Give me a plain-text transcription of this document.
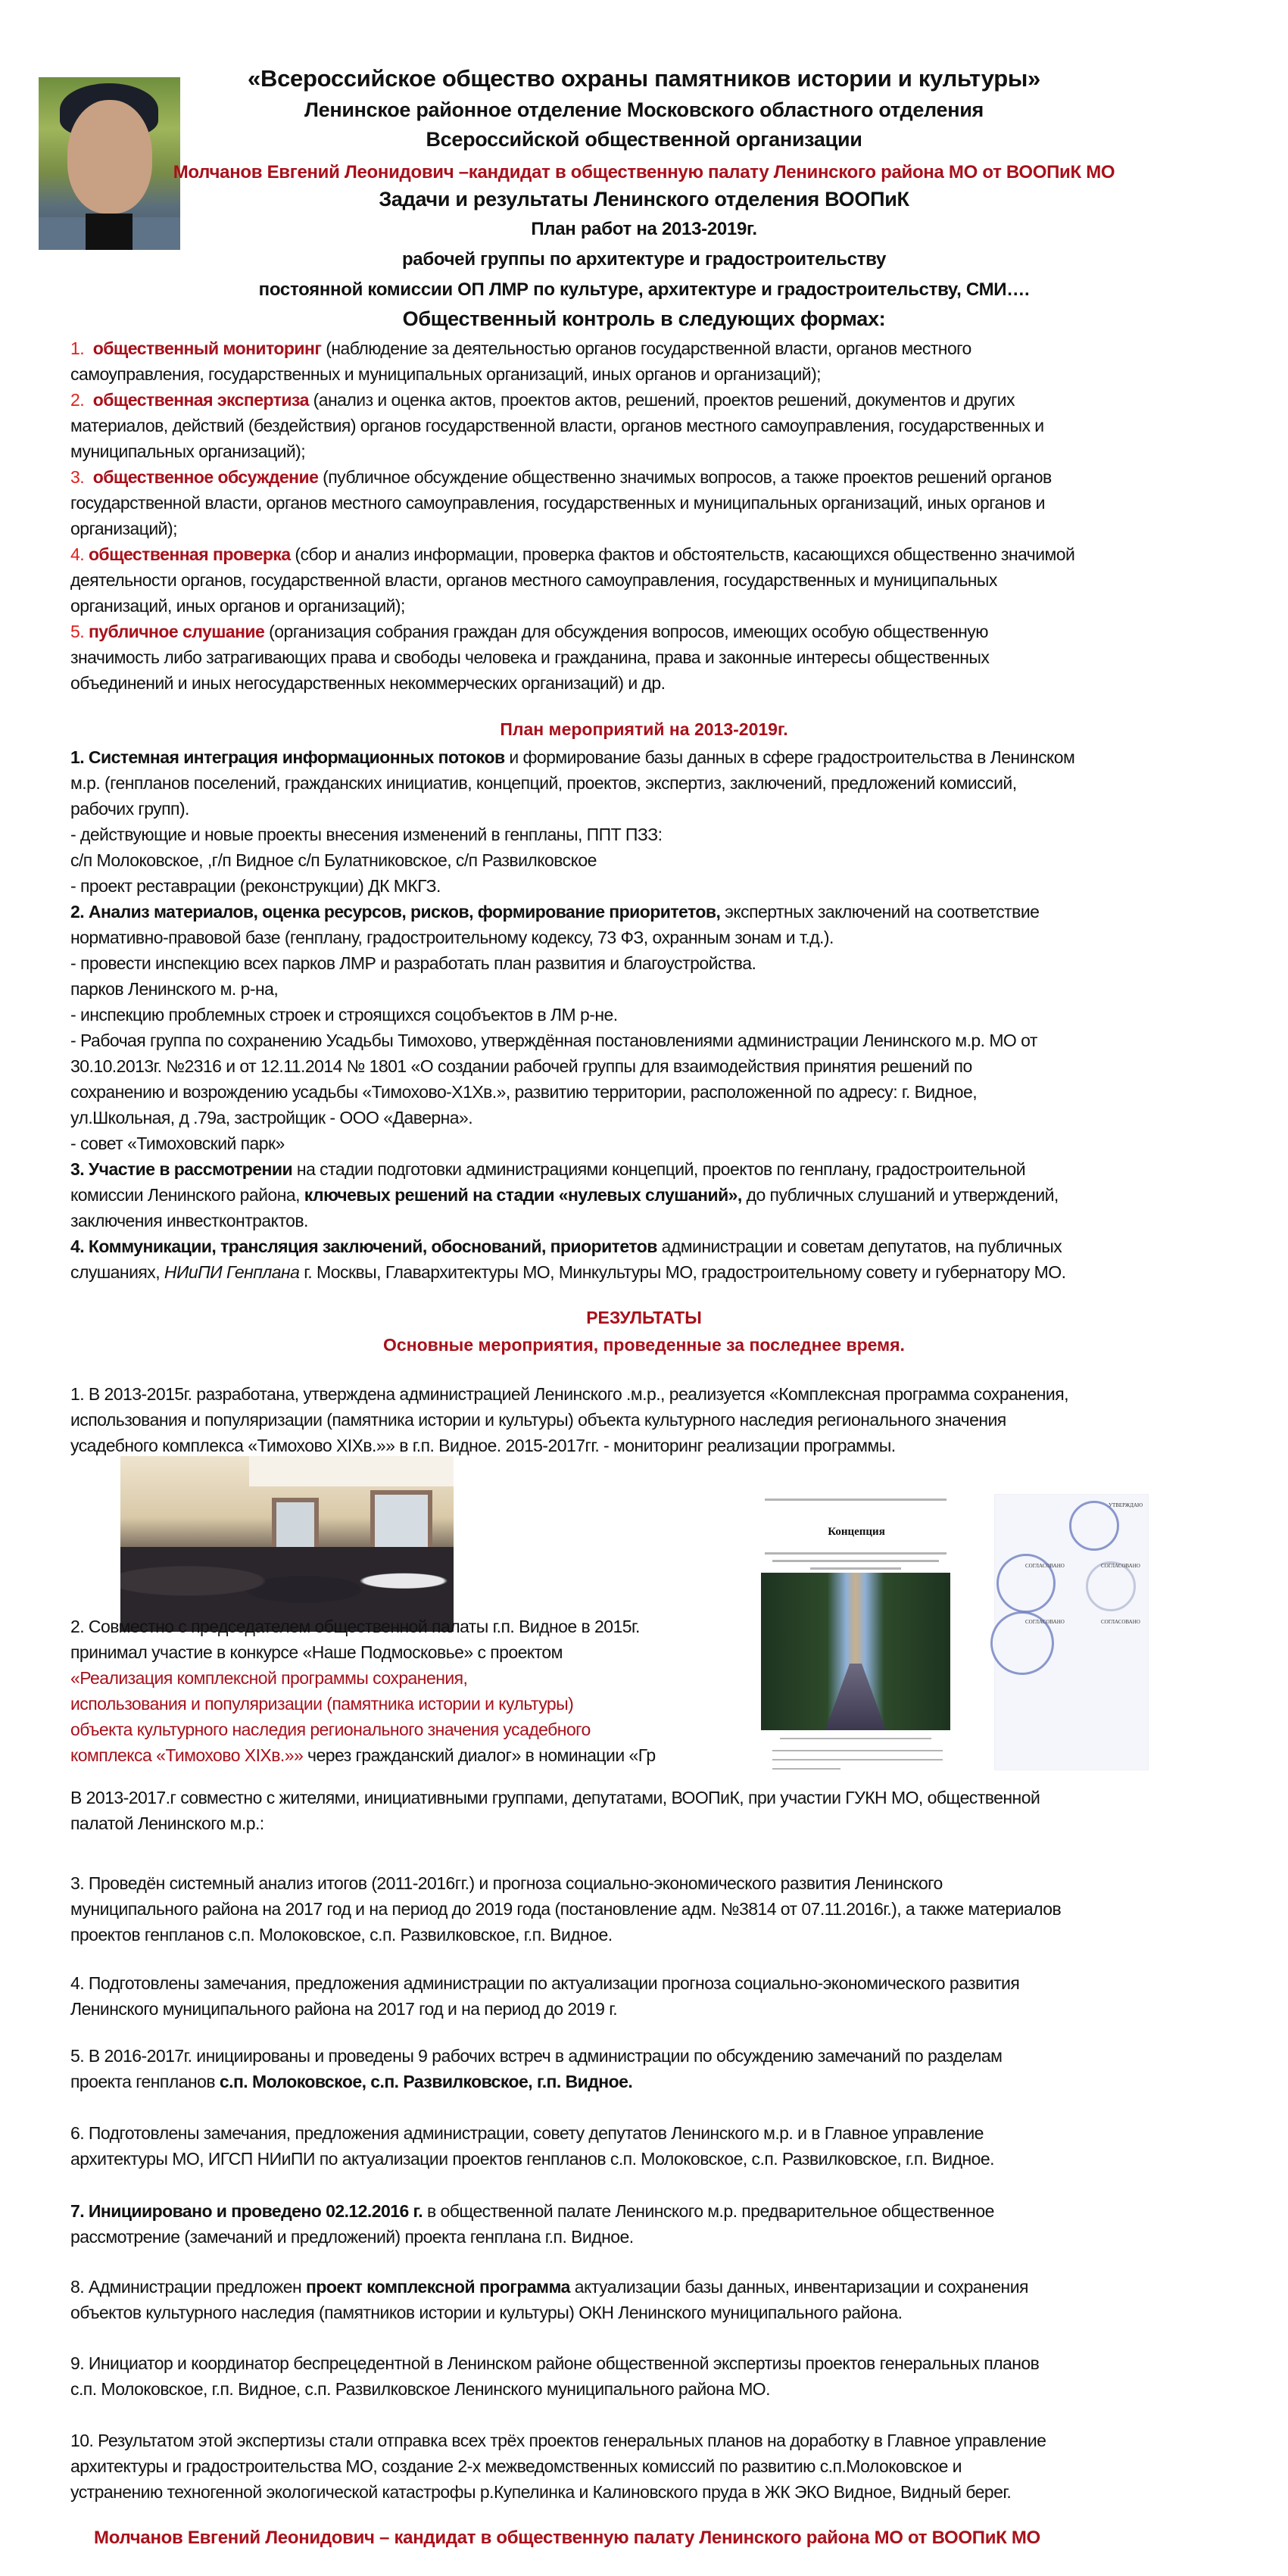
«Всероссийское общество охраны памятников истории и культуры»
Ленинское районное отделение Московского областного отделения
Всероссийской общественной организации
Молчанов Евгений Леонидович –кандидат в общественную палату Ленинского района МО от ВООПиК МО
Задачи и результаты Ленинского отделения ВООПиК
План работ на 2013-2019г.
рабочей группы по архитектуре и градостроительству
постоянной комиссии ОП ЛМР по культуре, архитектуре и градостроительству, СМИ….
Общественный контроль в следующих формах:
1. общественный мониторинг (наблюдение за деятельностью органов государственной власти, органов местного
самоуправления, государственных и муниципальных организаций, иных органов и организаций);
2. общественная экспертиза (анализ и оценка актов, проектов актов, решений, проектов решений, документов и других
материалов, действий (бездействия) органов государственной власти, органов местного самоуправления, государственных и
муниципальных организаций);
3. общественное обсуждение (публичное обсуждение общественно значимых вопросов, а также проектов решений органов
государственной власти, органов местного самоуправления, государственных и муниципальных организаций, иных органов и
организаций);
4. общественная проверка (сбор и анализ информации, проверка фактов и обстоятельств, касающихся общественно значимой
деятельности органов, государственной власти, органов местного самоуправления, государственных и муниципальных
организаций, иных органов и организаций);
5. публичное слушание (организация собрания граждан для обсуждения вопросов, имеющих особую общественную
значимость либо затрагивающих права и свободы человека и гражданина, права и законные интересы общественных
объединений и иных негосударственных некоммерческих организаций) и др.
План мероприятий на 2013-2019г.
1. Системная интеграция информационных потоков и формирование базы данных в сфере градостроительства в Ленинском
м.р. (генпланов поселений, гражданских инициатив, концепций, проектов, экспертиз, заключений, предложений комиссий,
рабочих групп).
- действующие и новые проекты внесения изменений в генпланы, ППТ ПЗЗ:
с/п Молоковское, ,г/п Видное с/п Булатниковское, с/п Развилковское
- проект реставрации (реконструкции) ДК МКГЗ.
2. Анализ материалов, оценка ресурсов, рисков, формирование приоритетов, экспертных заключений на соответствие
нормативно-правовой базе (генплану, градостроительному кодексу, 73 ФЗ, охранным зонам и т.д.).
- провести инспекцию всех парков ЛМР и разработать план развития и благоустройства.
парков Ленинского м. р-на,
- инспекцию проблемных строек и строящихся соцобъектов в ЛМ р-не.
- Рабочая группа по сохранению Усадьбы Тимохово, утверждённая постановлениями администрации Ленинского м.р. МО от
30.10.2013г. №2316 и от 12.11.2014 № 1801 «О создании рабочей группы для взаимодействия принятия решений по
сохранению и возрождению усадьбы «Тимохово-Х1Хв.», развитию территории, расположенной по адресу: г. Видное,
ул.Школьная, д .79а, застройщик - ООО «Даверна».
- совет «Тимоховский парк»
3. Участие в рассмотрении на стадии подготовки администрациями концепций, проектов по генплану, градостроительной
комиссии Ленинского района, ключевых решений на стадии «нулевых слушаний», до публичных слушаний и утверждений,
заключения инвестконтрактов.
4. Коммуникации, трансляция заключений, обоснований, приоритетов администрации и советам депутатов, на публичных
слушаниях, НИиПИ Генплана г. Москвы, Главархитектуры МО, Минкультуры МО, градостроительному совету и губернатору МО.
РЕЗУЛЬТАТЫ
Основные мероприятия, проведенные за последнее время.
1. В 2013-2015г. разработана, утверждена администрацией Ленинского .м.р., реализуется «Комплексная программа сохранения,
использования и популяризации (памятника истории и культуры) объекта культурного наследия регионального значения
усадебного комплекса «Тимохово XIXв.»» в г.п. Видное. 2015-2017гг. - мониторинг реализации программы.
Концепция
УТВЕРЖДАЮ
СОГЛАСОВАНО	СОГЛАСОВАНО
СОГЛАСОВАНО	СОГЛАСОВАНО
2. Совместно с председателем общественной палаты г.п. Видное в 2015г.
принимал участие в конкурсе «Наше Подмосковье» с проектом
«Реализация комплексной программы сохранения,
использования и популяризации (памятника истории и культуры)
объекта культурного наследия регионального значения усадебного
комплекса «Тимохово XIXв.»» через гражданский диалог» в номинации «Гр
В 2013-2017.г совместно с жителями, инициативными группами, депутатами, ВООПиК, при участии ГУКН МО, общественной
палатой Ленинского м.р.:
3. Проведён системный анализ итогов (2011-2016гг.) и прогноза социально-экономического развития Ленинского
муниципального района на 2017 год и на период до 2019 года (постановление адм. №3814 от 07.11.2016г.), а также материалов
проектов генпланов с.п. Молоковское, с.п. Развилковское, г.п. Видное.
4. Подготовлены замечания, предложения администрации по актуализации прогноза социально-экономического развития
Ленинского муниципального района на 2017 год и на период до 2019 г.
5. В 2016-2017г. инициированы и проведены 9 рабочих встреч в администрации по обсуждению замечаний по разделам
проекта генпланов с.п. Молоковское, с.п. Развилковское, г.п. Видное.
6. Подготовлены замечания, предложения администрации, совету депутатов Ленинского м.р. и в Главное управление
архитектуры МО, ИГСП НИиПИ по актуализации проектов генпланов с.п. Молоковское, с.п. Развилковское, г.п. Видное.
7. Инициировано и проведено 02.12.2016 г. в общественной палате Ленинского м.р. предварительное общественное
рассмотрение (замечаний и предложений) проекта генплана г.п. Видное.
8. Администрации предложен проект комплексной программа актуализации базы данных, инвентаризации и сохранения
объектов культурного наследия (памятников истории и культуры) ОКН Ленинского муниципального района.
9. Инициатор и координатор беспрецедентной в Ленинском районе общественной экспертизы проектов генеральных планов
с.п. Молоковское, г.п. Видное, с.п. Развилковское Ленинского муниципального района МО.
10. Результатом этой экспертизы стали отправка всех трёх проектов генеральных планов на доработку в Главное управление
архитектуры и градостроительства МО, создание 2-х межведомственных комиссий по развитию с.п.Молоковское и
устранению техногенной экологической катастрофы р.Купелинка и Калиновского пруда в ЖК ЭКО Видное, Видный берег.
Молчанов Евгений Леонидович – кандидат в общественную палату Ленинского района МО от ВООПиК МО
